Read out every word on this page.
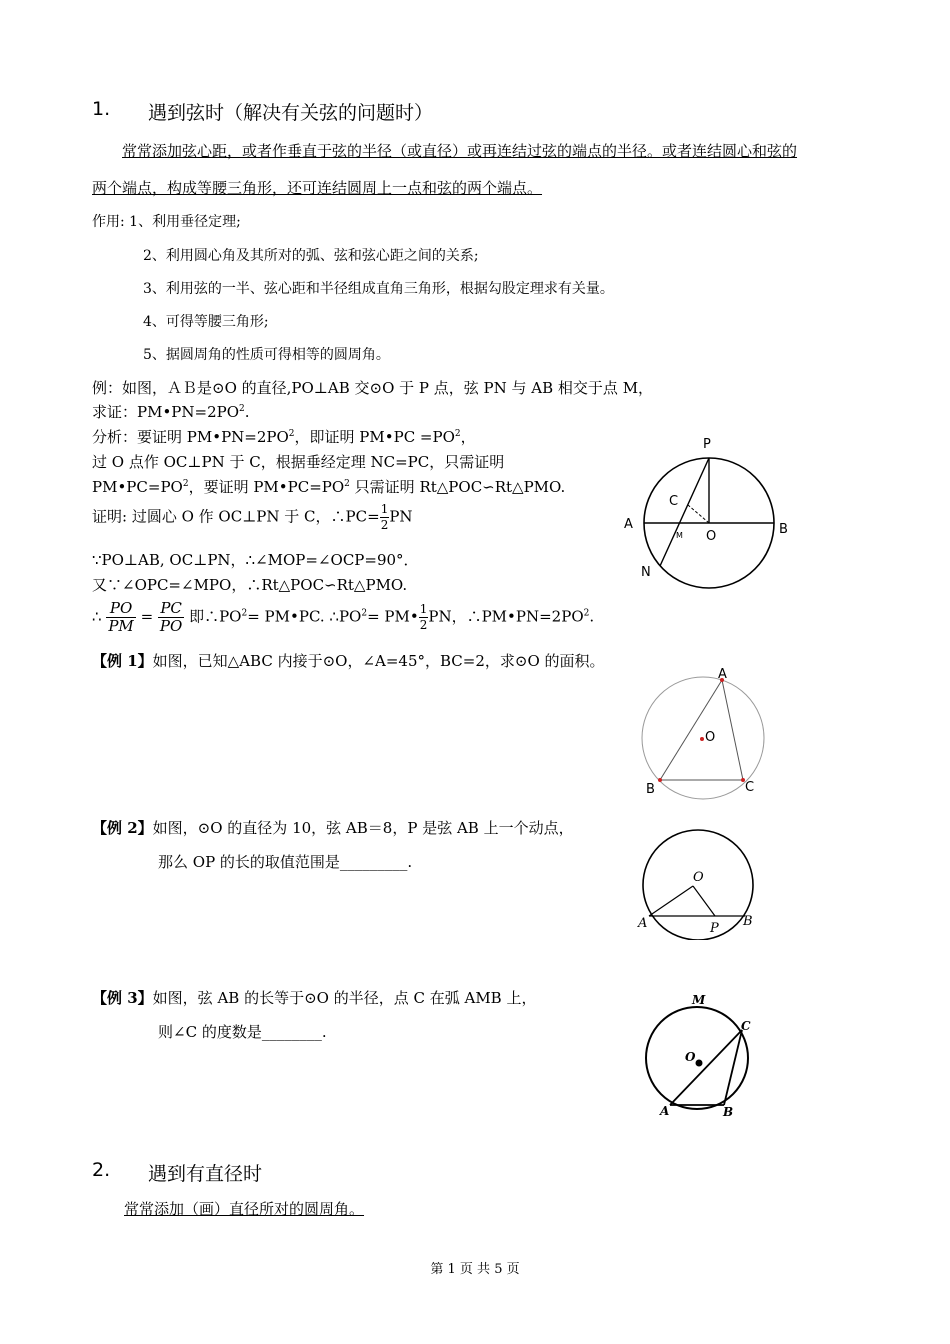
1. 遇到弦时（解决有关弦的问题时）
常常添加弦心距，或者作垂直于弦的半径（或直径）或再连结过弦的端点的半径。或者连结圆心和弦的
两个端点，构成等腰三角形，还可连结圆周上一点和弦的两个端点。
作用: 1、利用垂径定理;
2、利用圆心角及其所对的弧、弦和弦心距之间的关系;
3、利用弦的一半、弦心距和半径组成直角三角形，根据勾股定理求有关量。
4、可得等腰三角形;
5、据圆周角的性质可得相等的圆周角。
例：如图，ＡＢ是⊙O 的直径,PO⊥AB 交⊙O 于 P 点，弦 PN 与 AB 相交于点 M，
求证：$PM•PN=2PO^2$.
分析：要证明 $PM•PN=2PO^2$，即证明 PM•PC $=PO^2$，
过 O 点作 OC⊥PN 于 C，根据垂经定理 NC=PC，只需证明
$PM•PC=PO^2$，要证明 $PM•PC=PO^2$ 只需证明 Rt△POC∽Rt△PMO.
证明: 过圆心 O 作 OC⊥PN 于 C，∴PC= $\frac{1}{2}$ PN
∵PO⊥AB, OC⊥PN，∴∠MOP=∠OCP=90°．
又∵∠OPC=∠MPO，∴Rt△POC∽Rt△PMO.
∴ $\frac{PO}{PM} = \frac{PC}{PO}$ 即$\therefore PO^2=$ PM•PC. $\therefore PO^2=$ PM• $\frac{1}{2}$ PN，$\therefore PM•PN=2PO^2$.
P
A	B
O
C
M
N
【例 1】如图，已知△ABC 内接于⊙O，∠A=45°，BC=2，求⊙O 的面积。
A
O
B	C
【例 2】如图，⊙O 的直径为 10，弦 AB＝8，P 是弦 AB 上一个动点，
那么 OP 的长的取值范围是_________.
O
A	B
P
【例 3】如图，弦 AB 的长等于⊙O 的半径，点 C 在弧 AMB 上，
则∠C 的度数是________.
M
C
O
A	B
2. 遇到有直径时
常常添加（画）直径所对的圆周角。
第 1 页 共 5 页
